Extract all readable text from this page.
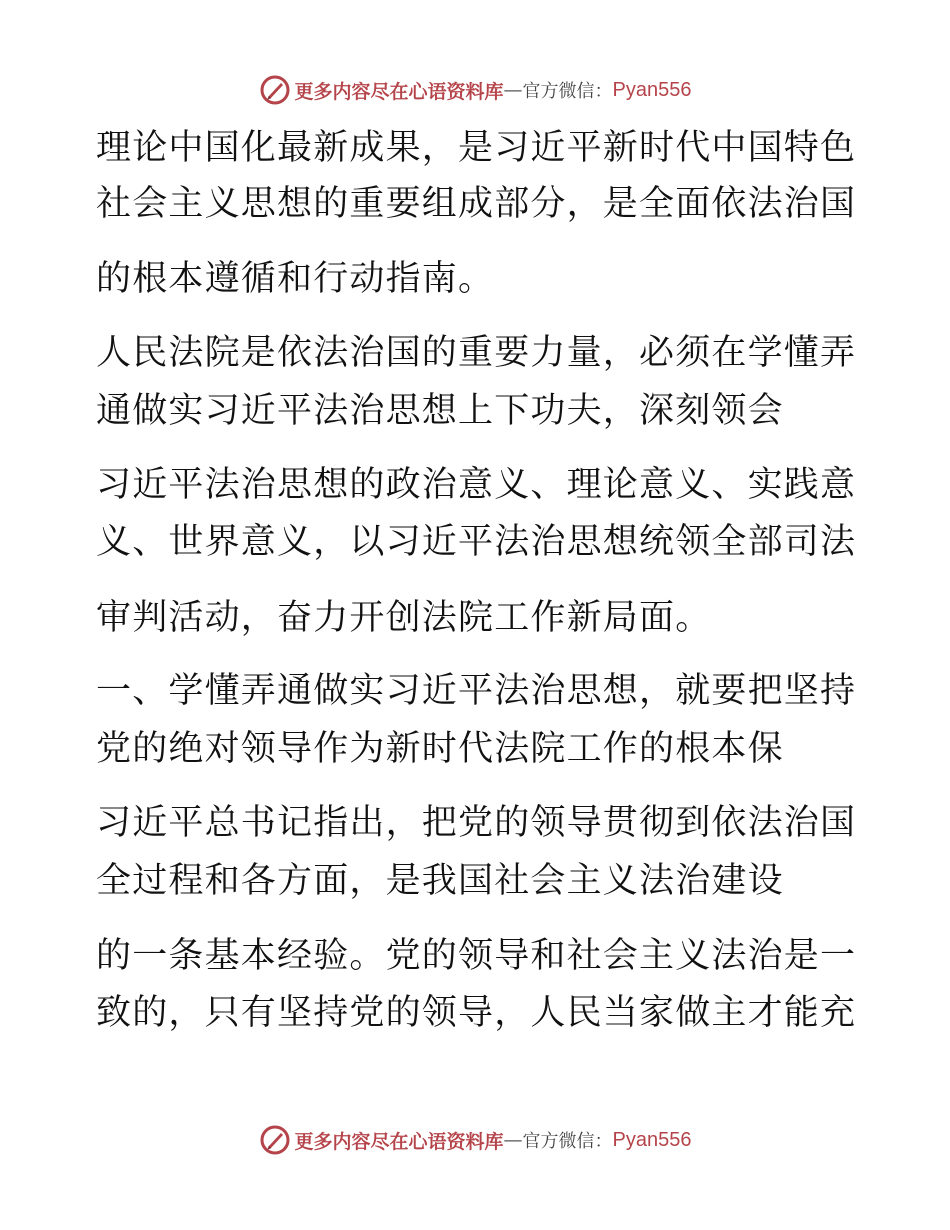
更多内容尽在心语资料库 — 官方微信： Pyan556
理论中国化最新成果，是习近平新时代中国特色
社会主义思想的重要组成部分，是全面依法治国
的根本遵循和行动指南。
人民法院是依法治国的重要力量，必须在学懂弄
通做实习近平法治思想上下功夫，深刻领会
习近平法治思想的政治意义、理论意义、实践意
义、世界意义，以习近平法治思想统领全部司法
审判活动，奋力开创法院工作新局面。
一、学懂弄通做实习近平法治思想，就要把坚持
党的绝对领导作为新时代法院工作的根本保
习近平总书记指出，把党的领导贯彻到依法治国
全过程和各方面，是我国社会主义法治建设
的一条基本经验。党的领导和社会主义法治是一
致的，只有坚持党的领导，人民当家做主才能充
更多内容尽在心语资料库 — 官方微信： Pyan556
